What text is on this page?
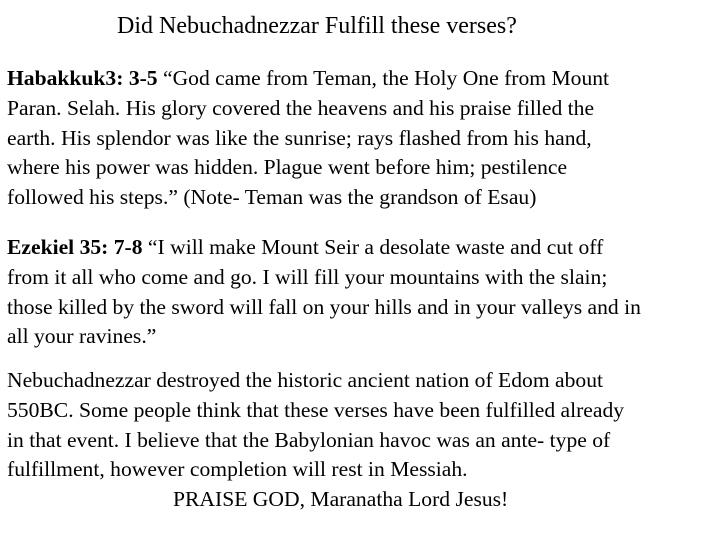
Did Nebuchadnezzar Fulfill these verses?
Habakkuk3: 3-5 “God came from Teman, the Holy One from Mount
Paran. Selah. His glory covered the heavens and his praise filled the
earth. His splendor was like the sunrise; rays flashed from his hand,
where his power was hidden. Plague went before him; pestilence
followed his steps.” (Note- Teman was the grandson of Esau)
Ezekiel 35: 7-8 “I will make Mount Seir a desolate waste and cut off
from it all who come and go. I will fill your mountains with the slain;
those killed by the sword will fall on your hills and in your valleys and in
all your ravines.”
Nebuchadnezzar destroyed the historic ancient nation of Edom about
550BC. Some people think that these verses have been fulfilled already
in that event. I believe that the Babylonian havoc was an ante- type of
fulfillment, however completion will rest in Messiah.
PRAISE GOD, Maranatha Lord Jesus!
